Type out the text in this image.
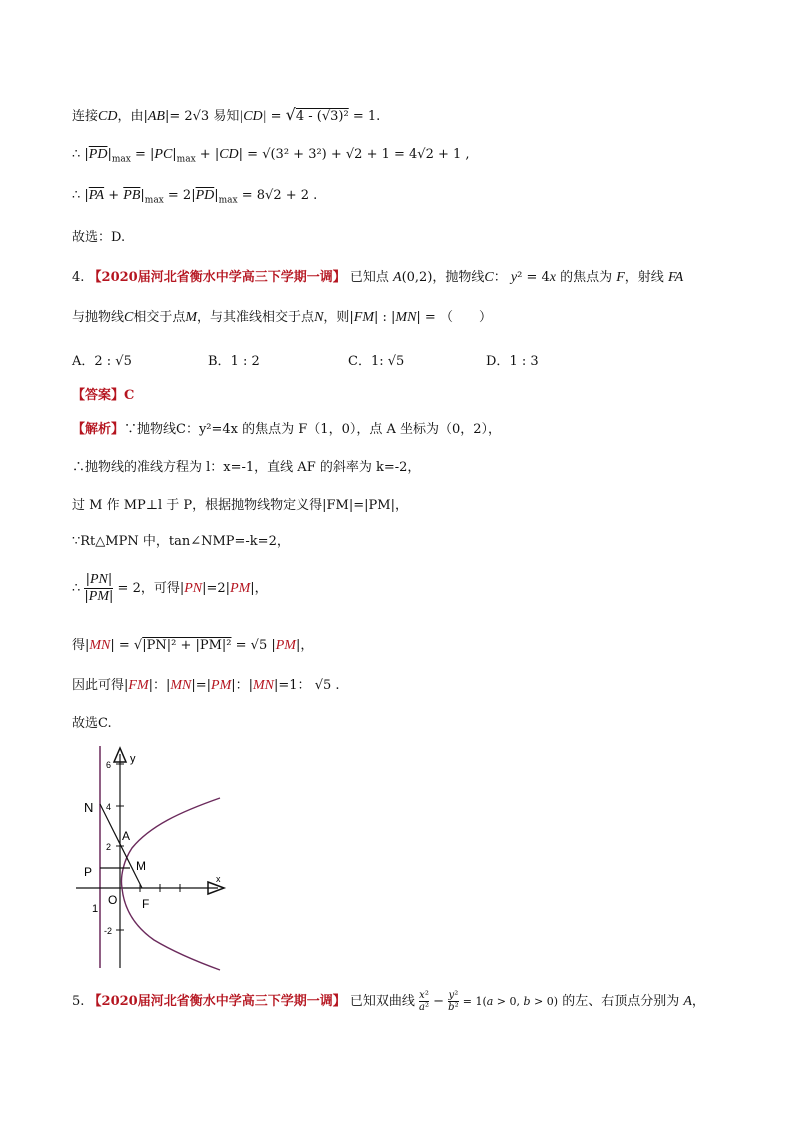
连接CD，由|AB|= 2√3 易知|CD| = √4 - (√3)² = 1.
∴ $|\overline{PD}|_{max} = |PC|_{max} + |CD| = √(3^2 + 3^2) + √2 + 1 = 4√2 + 1$ ,
∴ $|\overline{PA} + \overline{PB}|_{max} = 2|\overline{PD}|_{max} = 8√2 + 2$ .
故选：D.
4. 【2020届河北省衡水中学高三下学期一调】 已知点 A(0,2)，抛物线C： y² = 4x 的焦点为 F，射线 FA
与抛物线C相交于点M，与其准线相交于点N，则|FM| : |MN| = （　　）
A．2 : √5	B．1 : 2	C．1: √5	D．1 : 3
【答案】C
【解析】∵抛物线C：y²=4x 的焦点为 F（1，0），点 A 坐标为（0，2），
∴抛物线的准线方程为 l：x=-1，直线 AF 的斜率为 k=-2，
过 M 作 MP⊥l 于 P，根据抛物线物定义得|FM|=|PM|，
∵Rt△MPN 中，tan∠NMP=-k=2，
∴ $\frac{|PN|}{|PM|} = 2$，可得|PN|=2|PM|，
得|MN| = √|PN|² + |PM|² = √5 |PM|，
因此可得|FM|：|MN|=|PM|：|MN|=1： √5 .
故选C.
6
4
2
-2
1
y
x
N
A
M
P
O F
5. 【2020届河北省衡水中学高三下学期一调】 已知双曲线 $\frac{\text{x²}}{\text{a²}} - \frac{\text{y²}}{\text{b²}} = 1(a > 0$, b > 0) 的左、右顶点分别为 A，
